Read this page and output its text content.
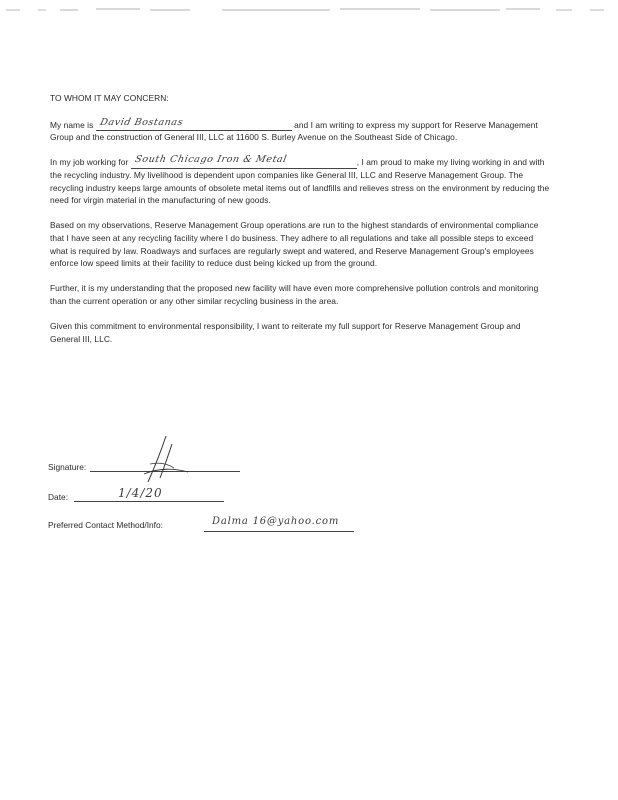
TO WHOM IT MAY CONCERN:
My name is David Bostanas	and I am writing to express my support for Reserve Management Group and the construction of General III, LLC at 11600 S. Burley Avenue on the Southeast Side of Chicago.
In my job working for South Chicago Iron & Metal	, I am proud to make my living working in and with the recycling industry. My livelihood is dependent upon companies like General III, LLC and Reserve Management Group. The recycling industry keeps large amounts of obsolete metal items out of landfills and relieves stress on the environment by reducing the need for virgin material in the manufacturing of new goods.
Based on my observations, Reserve Management Group operations are run to the highest standards of environmental compliance that I have seen at any recycling facility where I do business. They adhere to all regulations and take all possible steps to exceed what is required by law. Roadways and surfaces are regularly swept and watered, and Reserve Management Group's employees enforce low speed limits at their facility to reduce dust being kicked up from the ground.
Further, it is my understanding that the proposed new facility will have even more comprehensive pollution controls and monitoring than the current operation or any other similar recycling business in the area.
Given this commitment to environmental responsibility, I want to reiterate my full support for Reserve Management Group and General III, LLC.
Signature:
Date:	1/4/20
Preferred Contact Method/Info:	Dalma 16@yahoo.com
